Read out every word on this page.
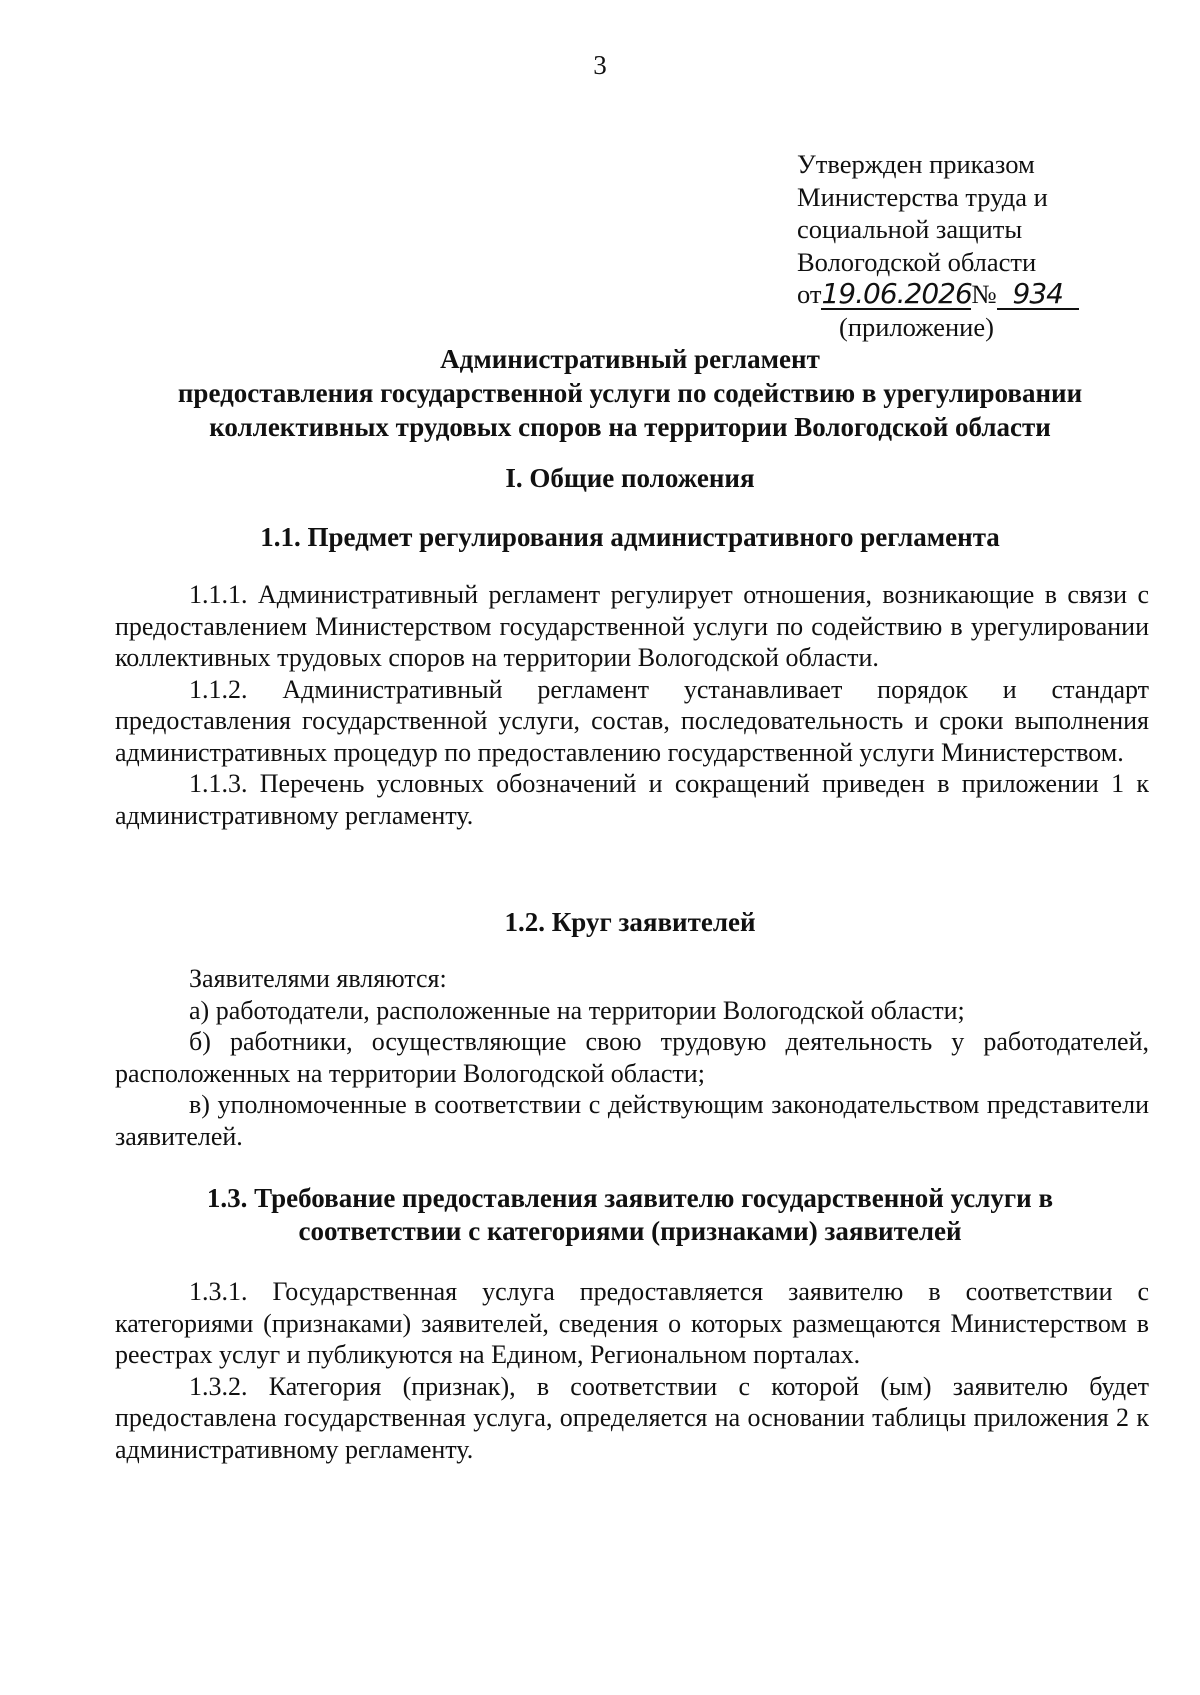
3
Утвержден приказом
Министерства труда и
социальной защиты
Вологодской области
от19.06.2026№ 934
(приложение)
Административный регламент
предоставления государственной услуги по содействию в урегулировании
коллективных трудовых споров на территории Вологодской области
I. Общие положения
1.1. Предмет регулирования административного регламента

1.1.1. Административный регламент регулирует отношения, возникающие в связи с предоставлением Министерством государственной услуги по содействию в урегулировании коллективных трудовых споров на территории Вологодской области.

1.1.2. Административный регламент устанавливает порядок и стандарт предоставления государственной услуги, состав, последовательность и сроки выполнения административных процедур по предоставлению государственной услуги Министерством.

1.1.3. Перечень условных обозначений и сокращений приведен в приложении 1 к административному регламенту.

1.2. Круг заявителей

Заявителями являются:

а) работодатели, расположенные на территории Вологодской области;

б) работники, осуществляющие свою трудовую деятельность у работодателей, расположенных на территории Вологодской области;

в) уполномоченные в соответствии с действующим законодательством представители заявителей.

1.3. Требование предоставления заявителю государственной услуги в
соответствии с категориями (признаками) заявителей

1.3.1. Государственная услуга предоставляется заявителю в соответствии с категориями (признаками) заявителей, сведения о которых размещаются Министерством в реестрах услуг и публикуются на Едином, Региональном порталах.

1.3.2. Категория (признак), в соответствии с которой (ым) заявителю будет предоставлена государственная услуга, определяется на основании таблицы приложения 2 к административному регламенту.
